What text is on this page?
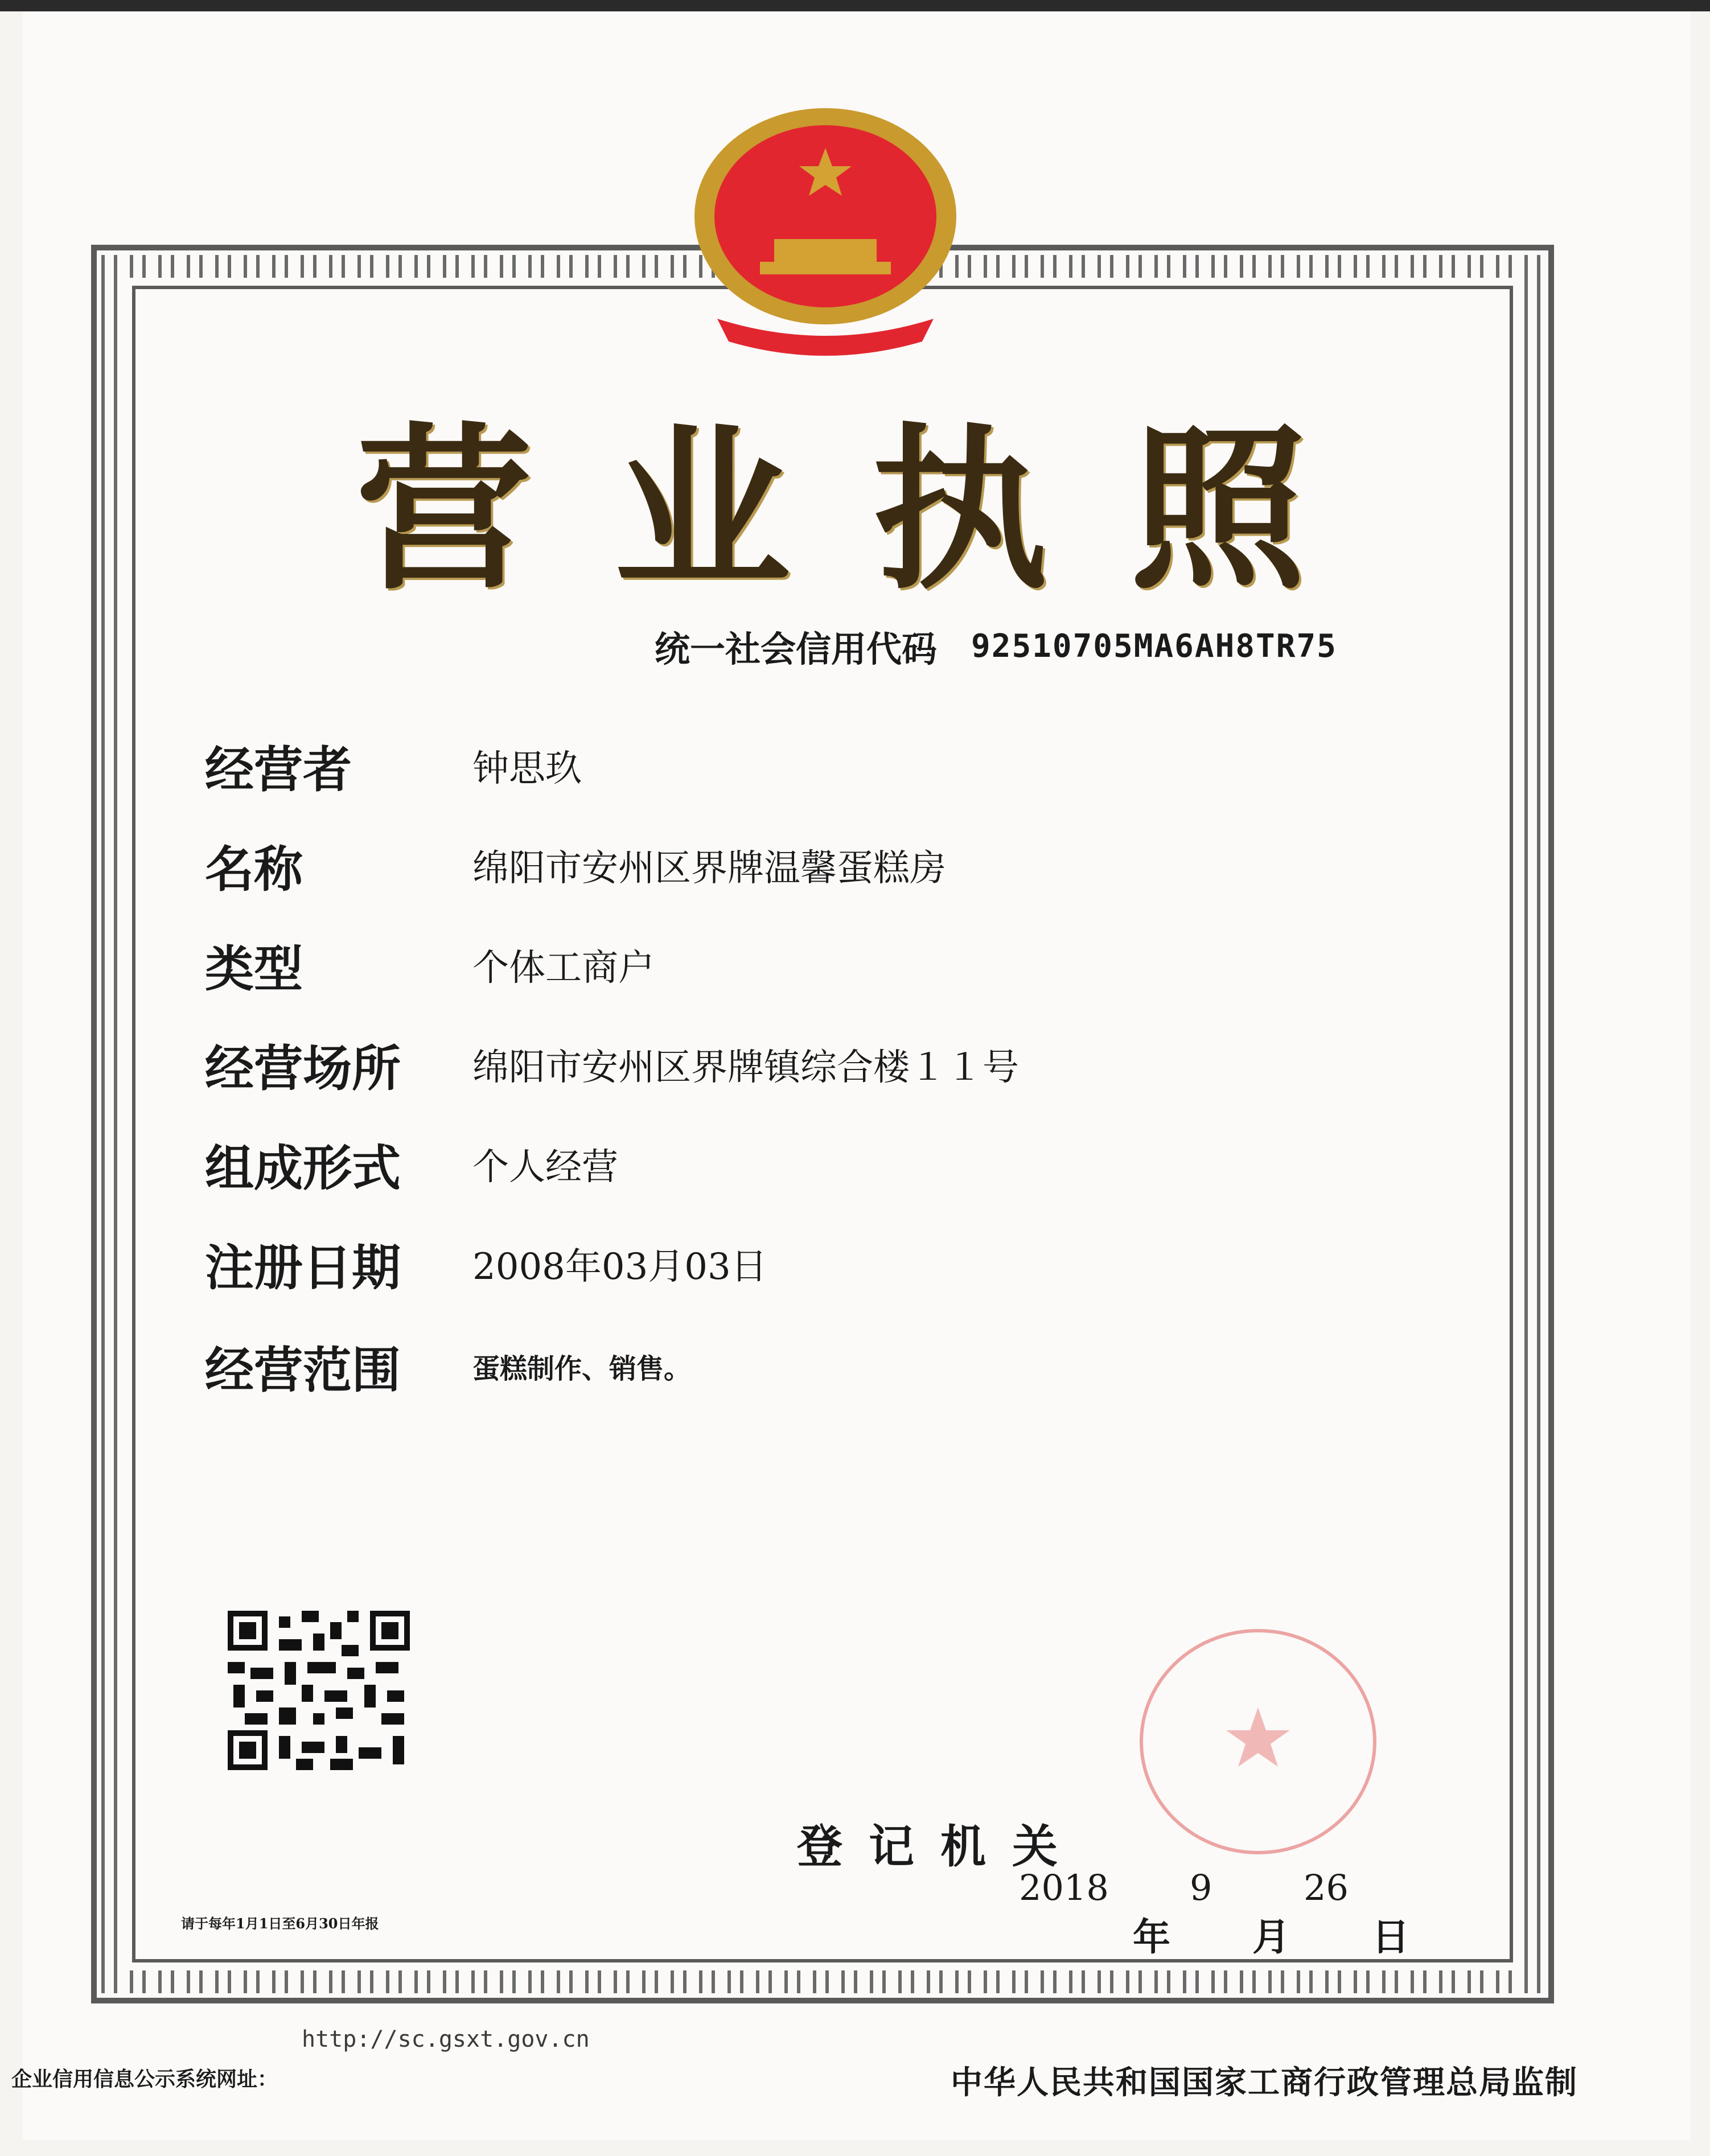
营 业 执 照
统一社会信用代码 92510705MA6AH8TR75
经营者	钟思玖
名称	绵阳市安州区界牌温馨蛋糕房
类型	个体工商户
经营场所	绵阳市安州区界牌镇综合楼１１号
组成形式	个人经营
注册日期	2008年03月03日
经营范围	蛋糕制作、销售。
登记机关
2018 9	26
年 月 日
请于每年1月1日至6月30日年报
http://sc.gsxt.gov.cn
企业信用信息公示系统网址：	中华人民共和国国家工商行政管理总局监制
